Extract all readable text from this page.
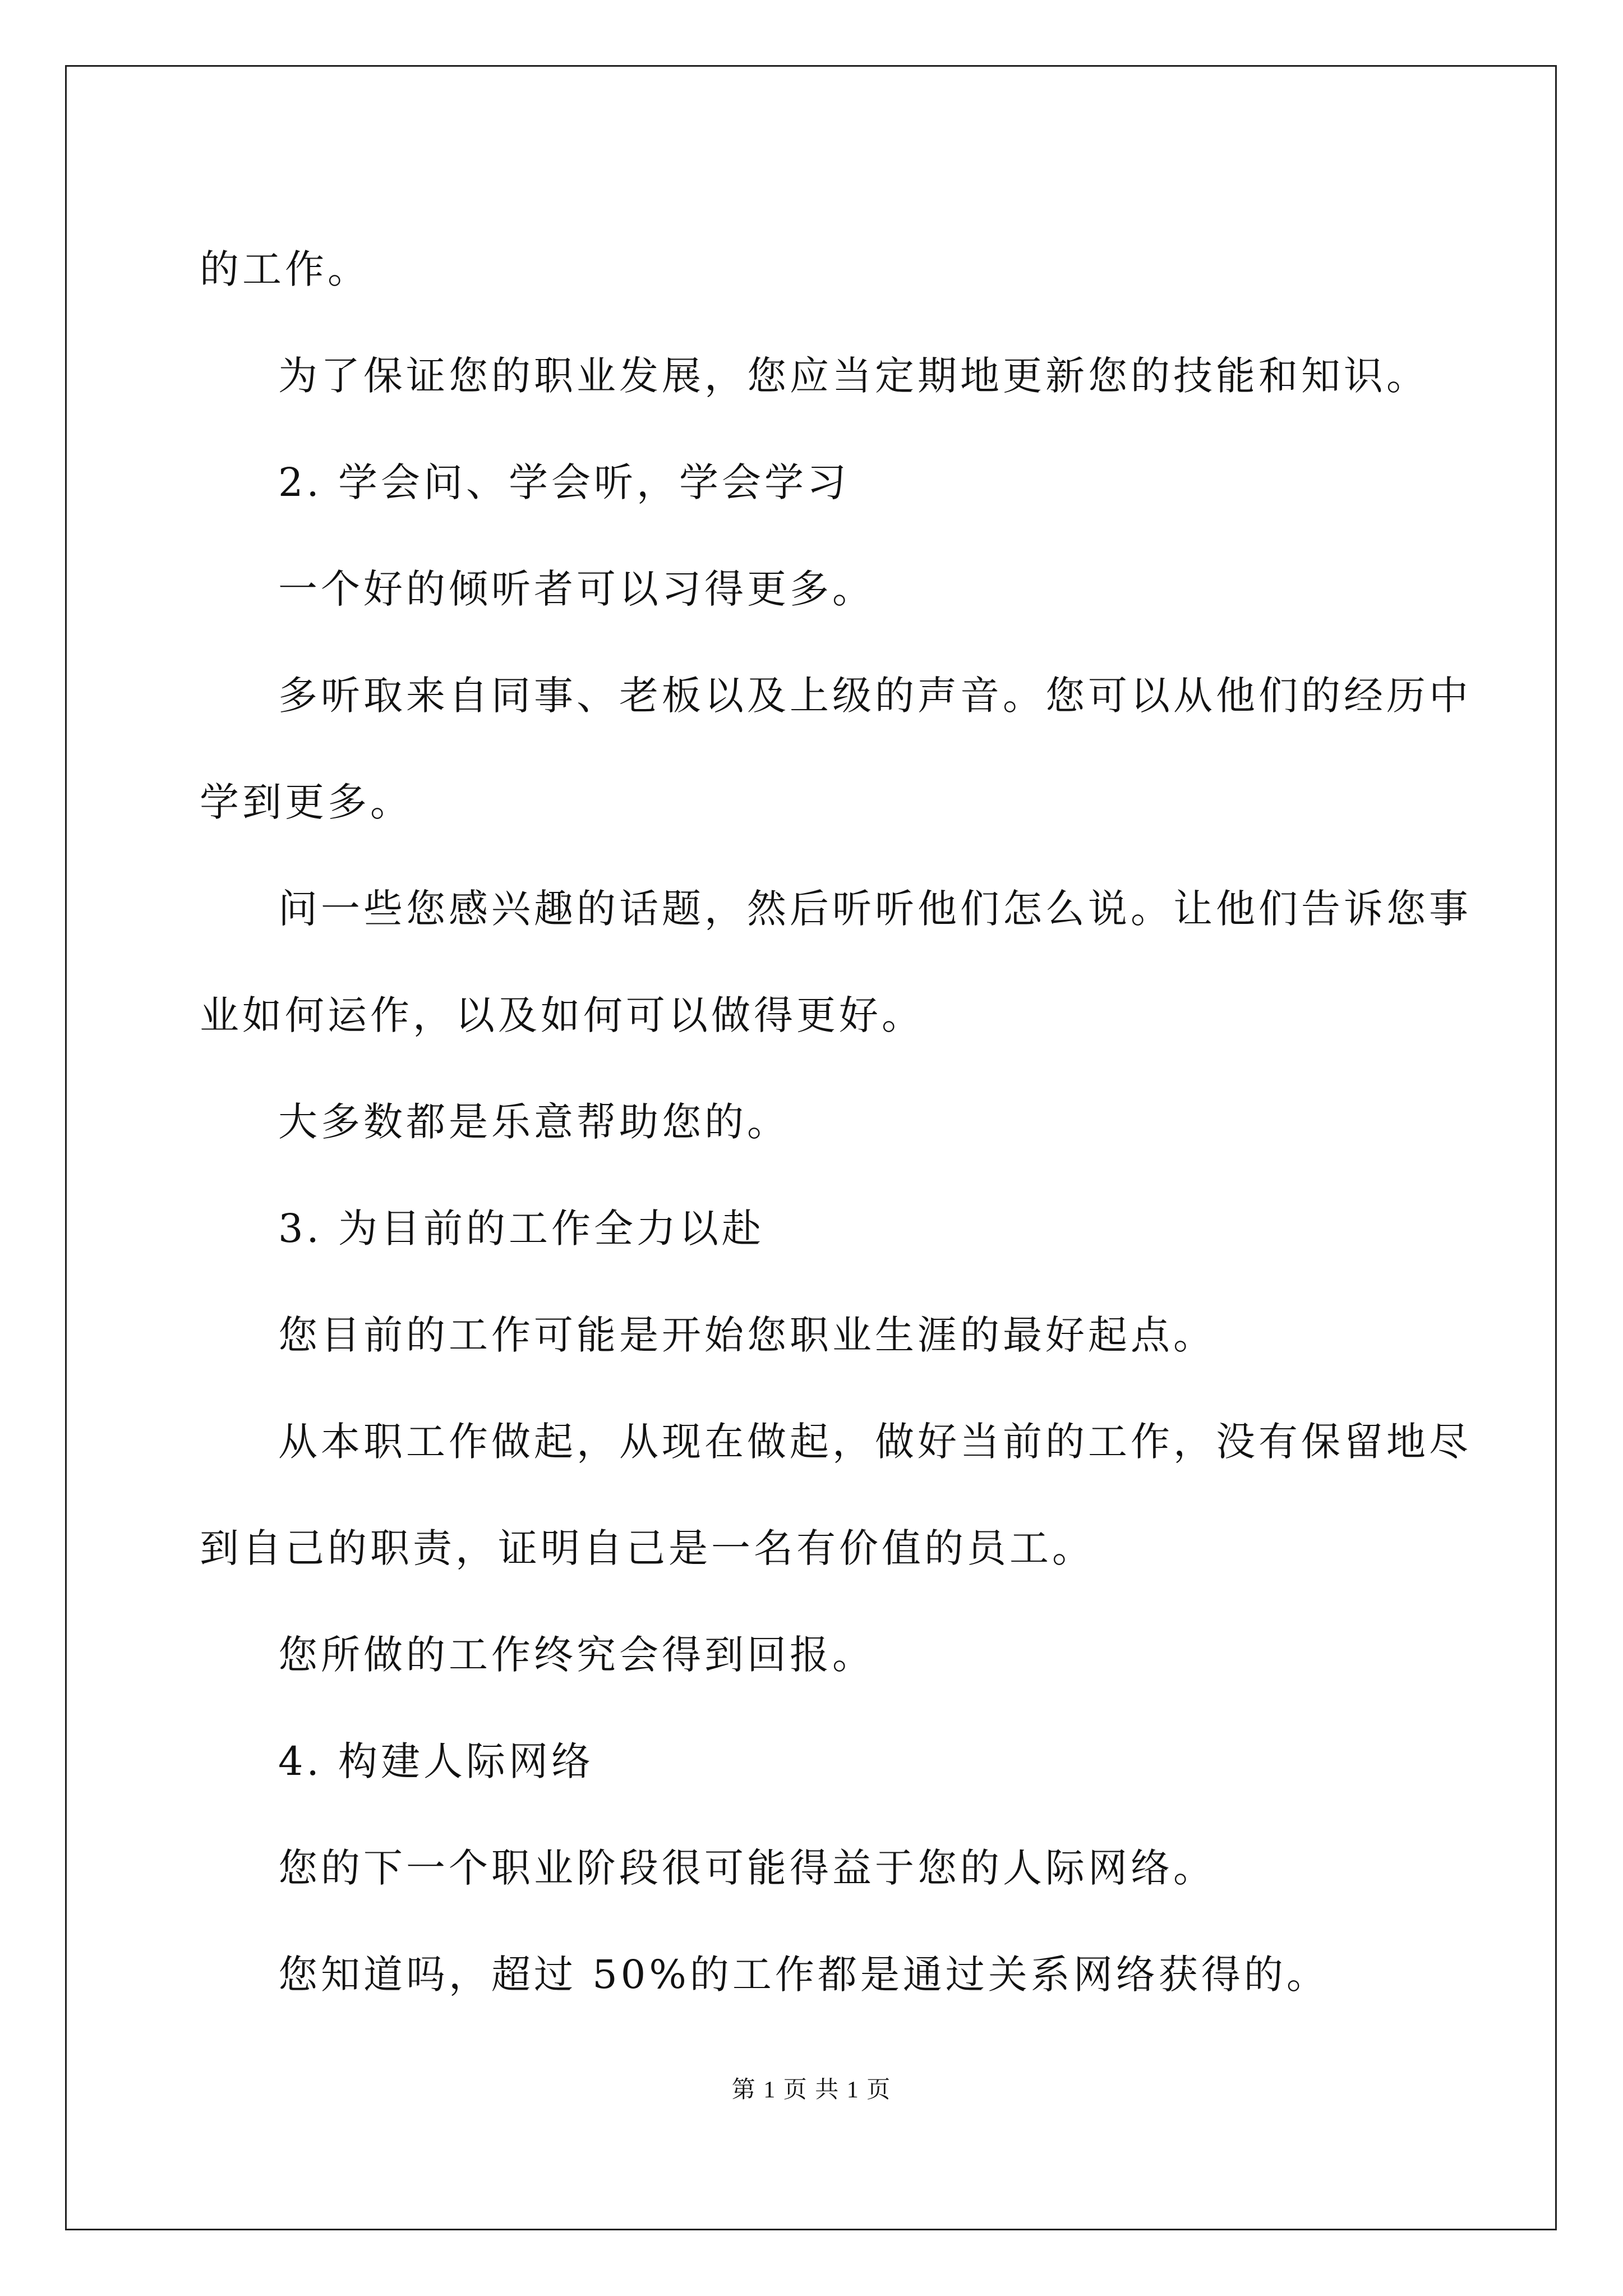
的工作。

为了保证您的职业发展，您应当定期地更新您的技能和知识。

2. 学会问、学会听，学会学习

一个好的倾听者可以习得更多。

多听取来自同事、老板以及上级的声音。您可以从他们的经历中

学到更多。

问一些您感兴趣的话题，然后听听他们怎么说。让他们告诉您事

业如何运作，以及如何可以做得更好。

大多数都是乐意帮助您的。

3. 为目前的工作全力以赴

您目前的工作可能是开始您职业生涯的最好起点。

从本职工作做起，从现在做起，做好当前的工作，没有保留地尽

到自己的职责，证明自己是一名有价值的员工。

您所做的工作终究会得到回报。

4. 构建人际网络

您的下一个职业阶段很可能得益于您的人际网络。

您知道吗，超过 50%的工作都是通过关系网络获得的。

第 1 页 共 1 页
